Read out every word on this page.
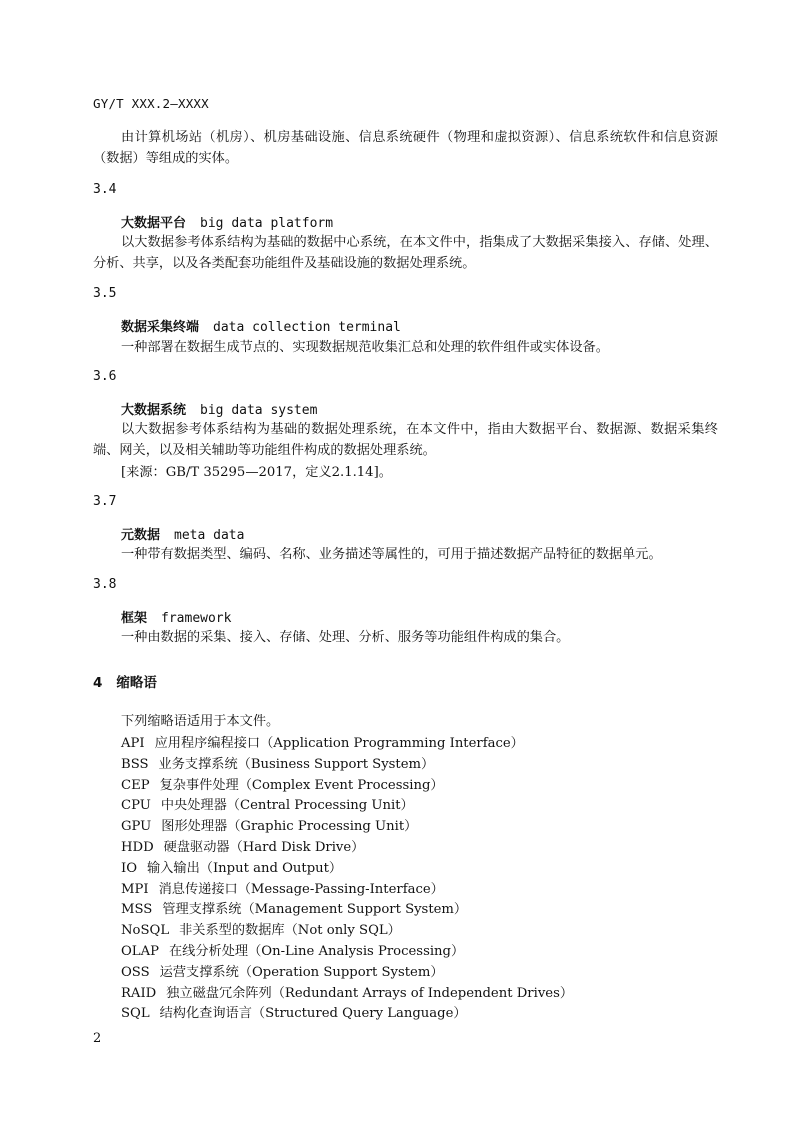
GY/T XXX.2—XXXX
由计算机场站（机房）、机房基础设施、信息系统硬件（物理和虚拟资源）、信息系统软件和信息资源（数据）等组成的实体。
3.4
大数据平台 big data platform
以大数据参考体系结构为基础的数据中心系统，在本文件中，指集成了大数据采集接入、存储、处理、分析、共享，以及各类配套功能组件及基础设施的数据处理系统。
3.5
数据采集终端 data collection terminal
一种部署在数据生成节点的、实现数据规范收集汇总和处理的软件组件或实体设备。
3.6
大数据系统 big data system
以大数据参考体系结构为基础的数据处理系统，在本文件中，指由大数据平台、数据源、数据采集终端、网关，以及相关辅助等功能组件构成的数据处理系统。
[来源：GB/T 35295—2017，定义2.1.14]。
3.7
元数据 meta data
一种带有数据类型、编码、名称、业务描述等属性的，可用于描述数据产品特征的数据单元。
3.8
框架 framework
一种由数据的采集、接入、存储、处理、分析、服务等功能组件构成的集合。
4 缩略语
下列缩略语适用于本文件。
API 应用程序编程接口（Application Programming Interface）
BSS 业务支撑系统（Business Support System）
CEP 复杂事件处理（Complex Event Processing）
CPU 中央处理器（Central Processing Unit）
GPU 图形处理器（Graphic Processing Unit）
HDD 硬盘驱动器（Hard Disk Drive）
IO 输入输出（Input and Output）
MPI 消息传递接口（Message-Passing-Interface）
MSS 管理支撑系统（Management Support System）
NoSQL 非关系型的数据库（Not only SQL）
OLAP 在线分析处理（On-Line Analysis Processing）
OSS 运营支撑系统（Operation Support System）
RAID 独立磁盘冗余阵列（Redundant Arrays of Independent Drives）
SQL 结构化查询语言（Structured Query Language）
2
